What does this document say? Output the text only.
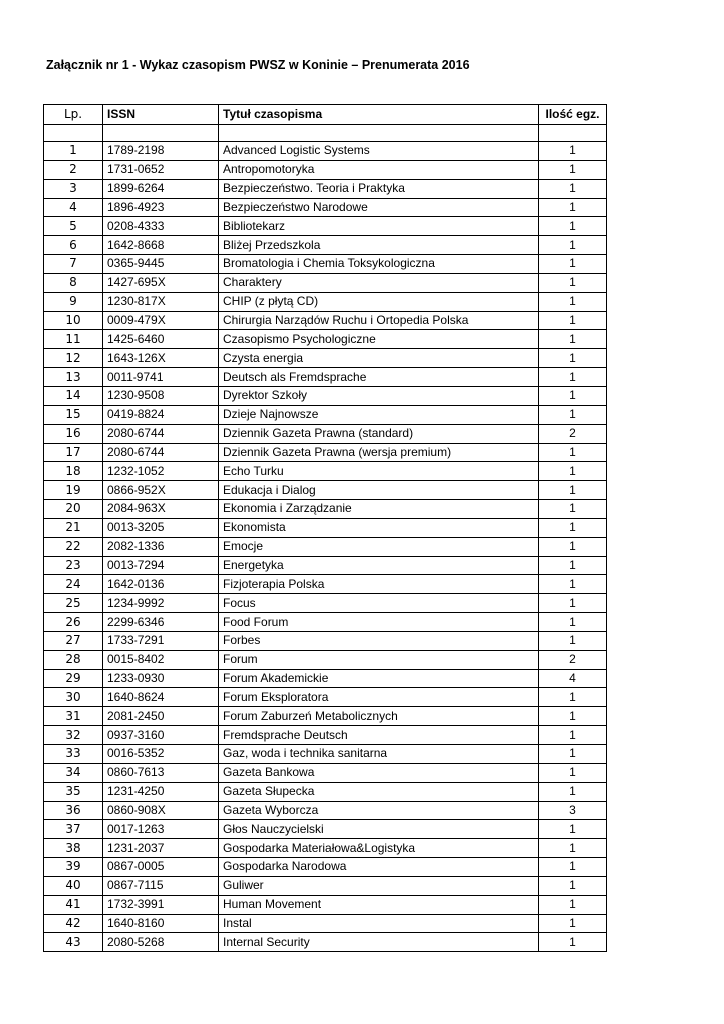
Załącznik nr 1 - Wykaz czasopism PWSZ w Koninie – Prenumerata 2016
Lp.	ISSN	Tytuł czasopisma	Ilość egz.

1	1789-2198	Advanced Logistic Systems	1
2	1731-0652	Antropomotoryka	1
3	1899-6264	Bezpieczeństwo. Teoria i Praktyka	1
4	1896-4923	Bezpieczeństwo Narodowe	1
5	0208-4333	Bibliotekarz	1
6	1642-8668	Bliżej Przedszkola	1
7	0365-9445	Bromatologia i Chemia Toksykologiczna	1
8	1427-695X	Charaktery	1
9	1230-817X	CHIP (z płytą CD)	1
10	0009-479X	Chirurgia Narządów Ruchu i Ortopedia Polska	1
11	1425-6460	Czasopismo Psychologiczne	1
12	1643-126X	Czysta energia	1
13	0011-9741	Deutsch als Fremdsprache	1
14	1230-9508	Dyrektor Szkoły	1
15	0419-8824	Dzieje Najnowsze	1
16	2080-6744	Dziennik Gazeta Prawna (standard)	2
17	2080-6744	Dziennik Gazeta Prawna (wersja premium)	1
18	1232-1052	Echo Turku	1
19	0866-952X	Edukacja i Dialog	1
20	2084-963X	Ekonomia i Zarządzanie	1
21	0013-3205	Ekonomista	1
22	2082-1336	Emocje	1
23	0013-7294	Energetyka	1
24	1642-0136	Fizjoterapia Polska	1
25	1234-9992	Focus	1
26	2299-6346	Food Forum	1
27	1733-7291	Forbes	1
28	0015-8402	Forum	2
29	1233-0930	Forum Akademickie	4
30	1640-8624	Forum Eksploratora	1
31	2081-2450	Forum Zaburzeń Metabolicznych	1
32	0937-3160	Fremdsprache Deutsch	1
33	0016-5352	Gaz, woda i technika sanitarna	1
34	0860-7613	Gazeta Bankowa	1
35	1231-4250	Gazeta Słupecka	1
36	0860-908X	Gazeta Wyborcza	3
37	0017-1263	Głos Nauczycielski	1
38	1231-2037	Gospodarka Materiałowa&Logistyka	1
39	0867-0005	Gospodarka Narodowa	1
40	0867-7115	Guliwer	1
41	1732-3991	Human Movement	1
42	1640-8160	Instal	1
43	2080-5268	Internal Security	1
